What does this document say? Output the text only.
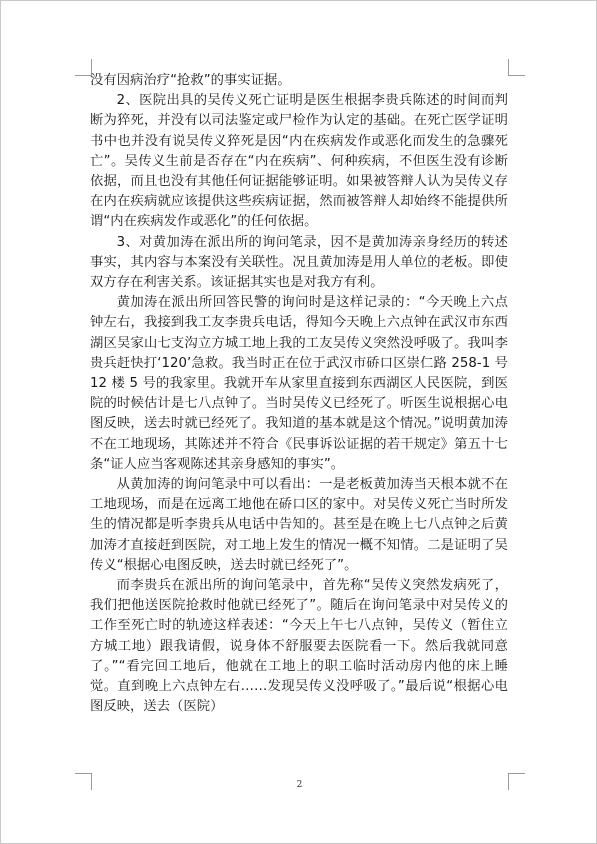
没有因病治疗“抢救”的事实证据。

2、医院出具的吴传义死亡证明是医生根据李贵兵陈述的时间而判断为猝死，并没有以司法鉴定或尸检作为认定的基础。在死亡医学证明书中也并没有说吴传义猝死是因“内在疾病发作或恶化而发生的急骤死亡”。吴传义生前是否存在“内在疾病”、何种疾病，不但医生没有诊断依据，而且也没有其他任何证据能够证明。如果被答辩人认为吴传义存在内在疾病就应该提供这些疾病证据，然而被答辩人却始终不能提供所谓“内在疾病发作或恶化”的任何依据。

3、对黄加涛在派出所的询问笔录，因不是黄加涛亲身经历的转述事实，其内容与本案没有关联性。况且黄加涛是用人单位的老板。即使双方存在利害关系。该证据其实也是对我方有利。

黄加涛在派出所回答民警的询问时是这样记录的：“今天晚上六点钟左右，我接到我工友李贵兵电话，得知今天晚上六点钟在武汉市东西湖区吴家山七支沟立方城工地上我的工友吴传义突然没呼吸了。我叫李贵兵赶快打‘120’急救。我当时正在位于武汉市硚口区崇仁路 258-1 号 12 楼 5 号的我家里。我就开车从家里直接到东西湖区人民医院，到医院的时候估计是七八点钟了。当时吴传义已经死了。听医生说根据心电图反映，送去时就已经死了。我知道的基本就是这个情况。”说明黄加涛不在工地现场，其陈述并不符合《民事诉讼证据的若干规定》第五十七条“证人应当客观陈述其亲身感知的事实”。

从黄加涛的询问笔录中可以看出：一是老板黄加涛当天根本就不在工地现场，而是在远离工地他在硚口区的家中。对吴传义死亡当时所发生的情况都是听李贵兵从电话中告知的。甚至是在晚上七八点钟之后黄加涛才直接赶到医院，对工地上发生的情况一概不知情。二是证明了吴传义“根据心电图反映，送去时就已经死了”。

而李贵兵在派出所的询问笔录中，首先称“吴传义突然发病死了，我们把他送医院抢救时他就已经死了”。随后在询问笔录中对吴传义的工作至死亡时的轨迹这样表述：“今天上午七八点钟，吴传义（暂住立方城工地）跟我请假，说身体不舒服要去医院看一下。然后我就同意了。”“看完回工地后，他就在工地上的职工临时活动房内他的床上睡觉。直到晚上六点钟左右……发现吴传义没呼吸了。”最后说“根据心电图反映，送去（医院）

2
